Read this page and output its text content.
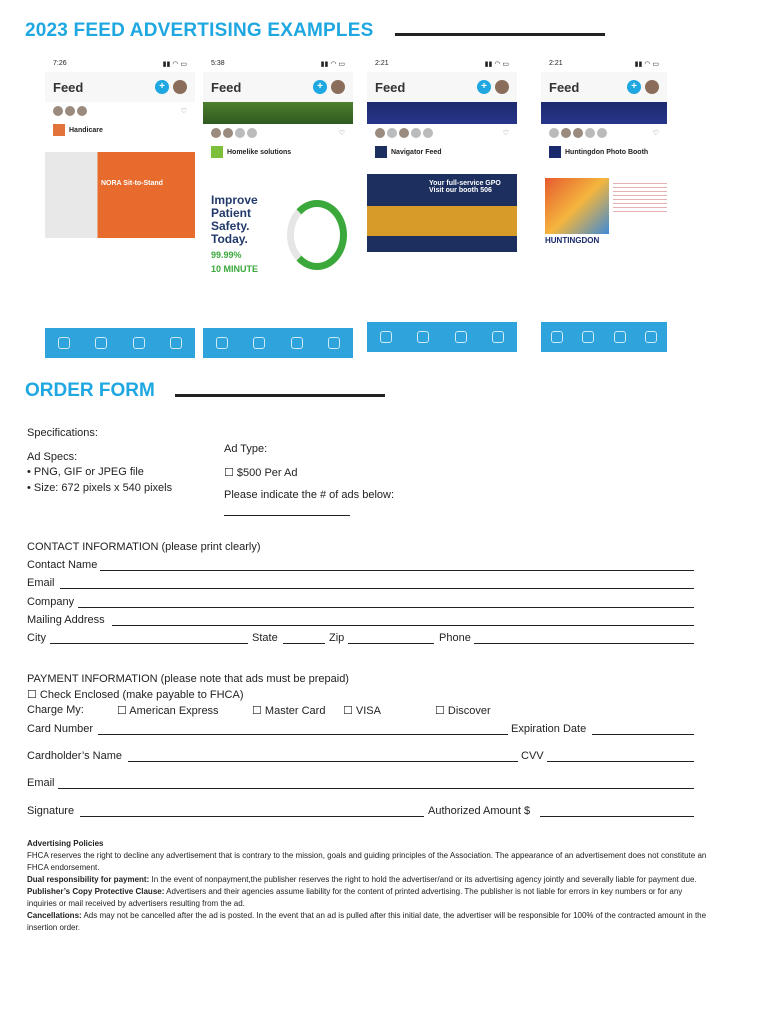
2023 FEED ADVERTISING EXAMPLES
7:26	▮▮ ◠ ▭
Feed	+
♡
Handicare

NORA Sit-to-Stand
5:38	▮▮ ◠ ▭
Feed	+
♡
Homelike solutions
Improve Patient Safety. Today.
99.99%
10 MINUTE
2:21	▮▮ ◠ ▭
Feed	+
♡
Navigator Feed

Your full-service GPO Visit our booth 506
2:21	▮▮ ◠ ▭
Feed	+
♡
Huntingdon Photo Booth

HUNTINGDON
ORDER FORM
Specifications:
Ad Specs:
• PNG, GIF or JPEG file
• Size: 672 pixels x 540 pixels
Ad Type:
☐ $500 Per Ad
Please indicate the # of ads below:
CONTACT INFORMATION (please print clearly)
Contact Name
Email
Company
Mailing Address
City	State	Zip	Phone
PAYMENT INFORMATION (please note that ads must be prepaid)
☐ Check Enclosed (make payable to FHCA)
Charge My:	☐ American Express	☐ Master Card ☐ VISA	☐ Discover
Card Number	Expiration Date
Cardholder’s Name	CVV
Email
Signature	Authorized Amount $
Advertising Policies
FHCA reserves the right to decline any advertisement that is contrary to the mission, goals and guiding principles of the Association. The appearance of an advertisement does not constitute an FHCA endorsement.
Dual responsibility for payment: In the event of nonpayment,the publisher reserves the right to hold the advertiser/and or its advertising agency jointly and severally liable for payment due.
Publisher’s Copy Protective Clause: Advertisers and their agencies assume liability for the content of printed advertising. The publisher is not liable for errors in key numbers or for any inquiries or mail received by advertisers resulting from the ad.
Cancellations: Ads may not be cancelled after the ad is posted. In the event that an ad is pulled after this initial date, the advertiser will be responsible for 100% of the contracted amount in the insertion order.
